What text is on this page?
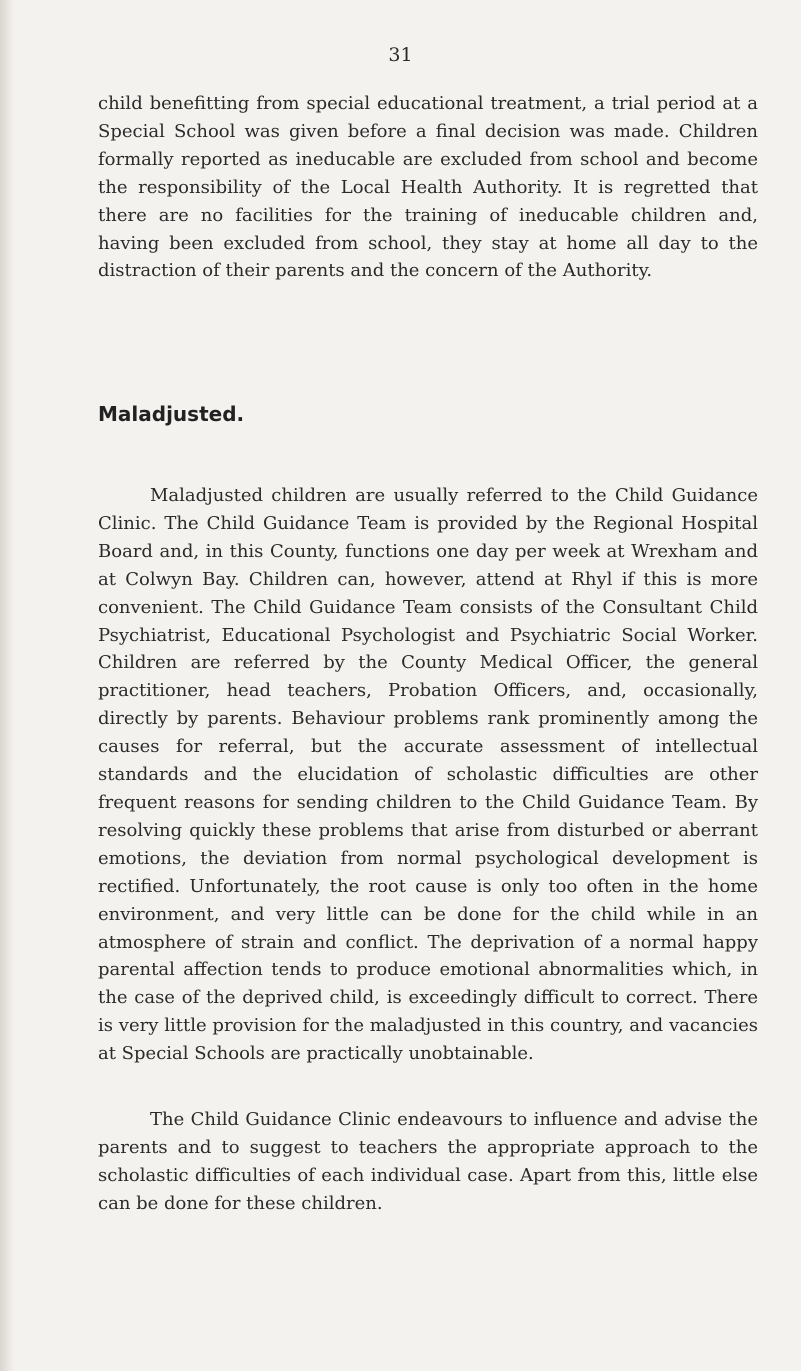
31

child benefitting from special educational treatment, a trial period at a Special School was given before a final decision was made. Children formally reported as ineducable are excluded from school and become the responsibility of the Local Health Authority. It is regretted that there are no facilities for the training of ineducable children and, having been excluded from school, they stay at home all day to the distraction of their parents and the concern of the Authority.

Maladjusted.

Maladjusted children are usually referred to the Child Guidance Clinic. The Child Guidance Team is provided by the Regional Hospital Board and, in this County, functions one day per week at Wrexham and at Colwyn Bay. Children can, however, attend at Rhyl if this is more convenient. The Child Guidance Team consists of the Consultant Child Psychiatrist, Educational Psychologist and Psychiatric Social Worker. Children are referred by the County Medical Officer, the general practitioner, head teachers, Probation Officers, and, occasionally, directly by parents. Behaviour problems rank prominently among the causes for referral, but the accurate assessment of intellectual standards and the elucidation of scholastic difficulties are other frequent reasons for sending children to the Child Guidance Team. By resolving quickly these problems that arise from disturbed or aberrant emotions, the deviation from normal psychological development is rectified. Unfortunately, the root cause is only too often in the home environment, and very little can be done for the child while in an atmosphere of strain and conflict. The deprivation of a normal happy parental affection tends to produce emotional abnormalities which, in the case of the deprived child, is exceedingly difficult to correct. There is very little provision for the maladjusted in this country, and vacancies at Special Schools are practically unobtainable.

The Child Guidance Clinic endeavours to influence and advise the parents and to suggest to teachers the appropriate approach to the scholastic difficulties of each individual case. Apart from this, little else can be done for these children.
